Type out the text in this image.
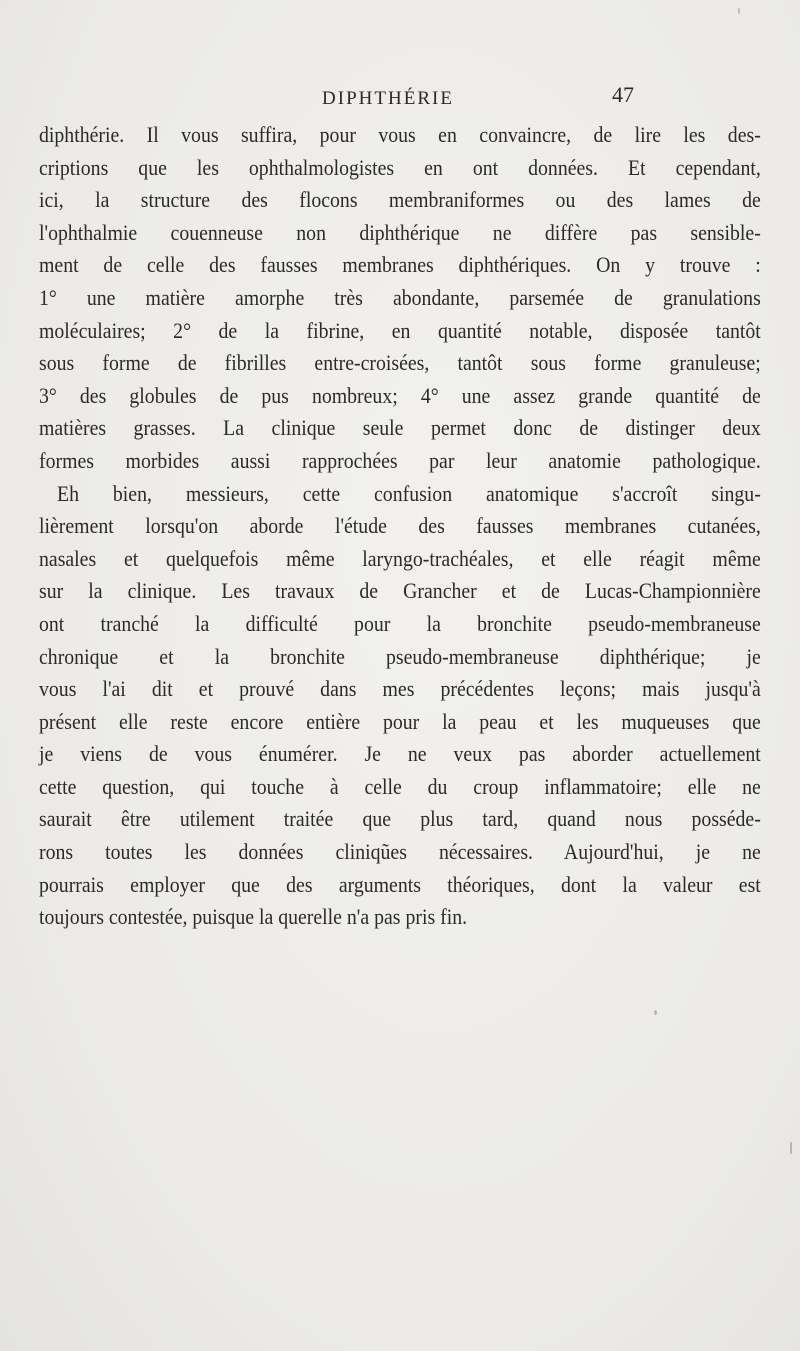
DIPHTHÉRIE	47
diphthérie. Il vous suffira, pour vous en convaincre, de lire les des-
criptions que les ophthalmologistes en ont données. Et cependant,
ici, la structure des flocons membraniformes ou des lames de
l'ophthalmie couenneuse non diphthérique ne diffère pas sensible-
ment de celle des fausses membranes diphthériques. On y trouve :
1° une matière amorphe très abondante, parsemée de granulations
moléculaires; 2° de la fibrine, en quantité notable, disposée tantôt
sous forme de fibrilles entre-croisées, tantôt sous forme granuleuse;
3° des globules de pus nombreux; 4° une assez grande quantité de
matières grasses. La clinique seule permet donc de distinger deux
formes morbides aussi rapprochées par leur anatomie pathologique.
Eh bien, messieurs, cette confusion anatomique s'accroît singu-
lièrement lorsqu'on aborde l'étude des fausses membranes cutanées,
nasales et quelquefois même laryngo-trachéales, et elle réagit même
sur la clinique. Les travaux de Grancher et de Lucas-Championnière
ont tranché la difficulté pour la bronchite pseudo-membraneuse
chronique et la bronchite pseudo-membraneuse diphthérique; je
vous l'ai dit et prouvé dans mes précédentes leçons; mais jusqu'à
présent elle reste encore entière pour la peau et les muqueuses que
je viens de vous énumérer. Je ne veux pas aborder actuellement
cette question, qui touche à celle du croup inflammatoire; elle ne
saurait être utilement traitée que plus tard, quand nous posséde-
rons toutes les données cliniqũes nécessaires. Aujourd'hui, je ne
pourrais employer que des arguments théoriques, dont la valeur est
toujours contestée, puisque la querelle n'a pas pris fin.
